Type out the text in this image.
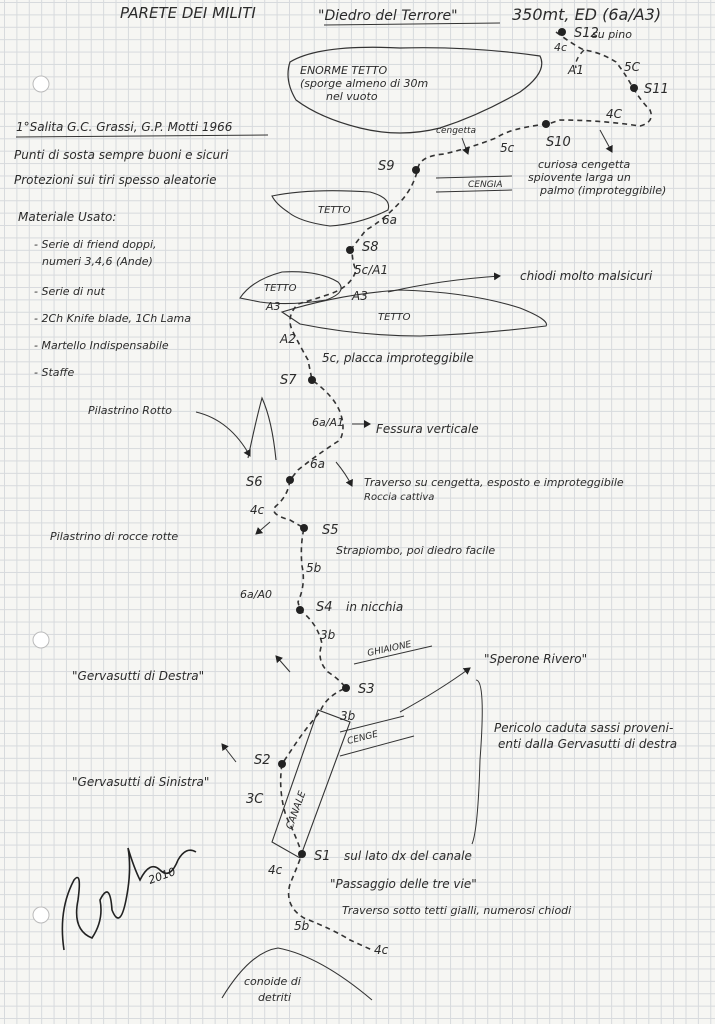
PARETE DEI MILITI	"Diedro del Terrore"	350mt, ED (6a/A3)
1°Salita G.C. Grassi, G.P. Motti 1966
Punti di sosta sempre buoni e sicuri
Protezioni sui tiri spesso aleatorie
Materiale Usato:
- Serie di friend doppi, numeri 3,4,6 (Ande)
- Serie di nut
- 2Ch Knife blade, 1Ch Lama
- Martello Indispensabile
- Staffe
ENORME TETTO (sporge almeno di 30m nel vuoto
TETTO
TETTO
TETTO
CANALE
conoide di detriti
S12
S11
S10
S9
S8
S7
S6
S5
S4
S3
S2
S1
4c
A1	5C
4C
5c
6a
5c/A1
A3
A3
A2
6a/A1
6a
4c
5b
6a/A0
3b
3b
3C
4c
5b
4c
su pino
cengetta
CENGIA
curiosa cengetta spiovente larga un palmo (improteggibile)
chiodi molto malsicuri
5c, placca improteggibile
Pilastrino Rotto
Fessura verticale
Traverso su cengetta, esposto e improteggibile
Roccia cattiva
Pilastrino di rocce rotte
Strapiombo, poi diedro facile
in nicchia
GHIAIONE
"Gervasutti di Destra"
"Sperone Rivero"
CENGE
Pericolo caduta sassi proveni- enti dalla Gervasutti di destra
"Gervasutti di Sinistra"
sul lato dx del canale
"Passaggio delle tre vie"
Traverso sotto tetti gialli, numerosi chiodi
2010
